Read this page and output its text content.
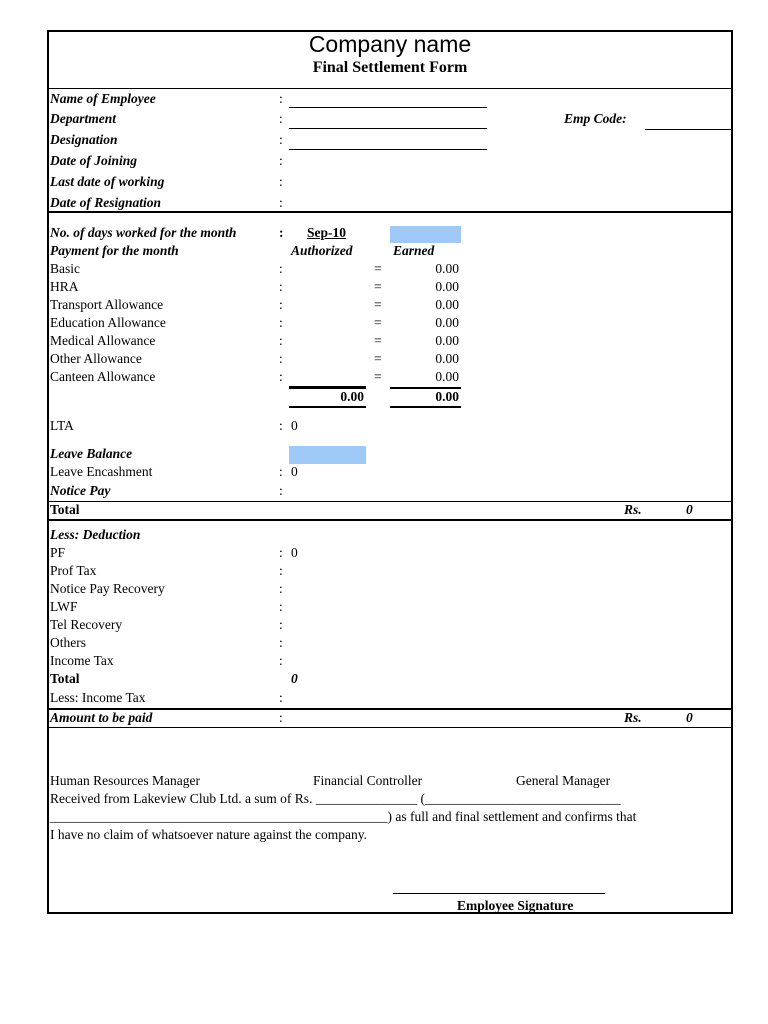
Company name
Final Settlement Form
Name of Employee	:
Department	:	Emp Code:
Designation	:
Date of Joining	:
Last date of working	:
Date of Resignation	:
No. of days worked for the month	: Sep-10
Payment for the month	Authorized	Earned
Basic	:	=	0.00
HRA	:	=	0.00
Transport Allowance	:	=	0.00
Education Allowance	:	=	0.00
Medical Allowance	:	=	0.00
Other Allowance	:	=	0.00
Canteen Allowance	:	=	0.00
0.00	0.00
LTA	: 0
Leave Balance
Leave Encashment	: 0
Notice Pay	:
Total	Rs.	0
Less: Deduction
PF	: 0
Prof Tax	:
Notice Pay Recovery	:
LWF	:
Tel Recovery	:
Others	:
Income Tax	:
Total	0
Less: Income Tax	:
Amount to be paid	:	Rs.	0
Human Resources Manager	Financial Controller	General Manager
Received from Lakeview Club Ltd. a sum of Rs. _______________ (_____________________________
__________________________________________________) as full and final settlement and confirms that
I have no claim of whatsoever nature against the company.
Employee Signature
